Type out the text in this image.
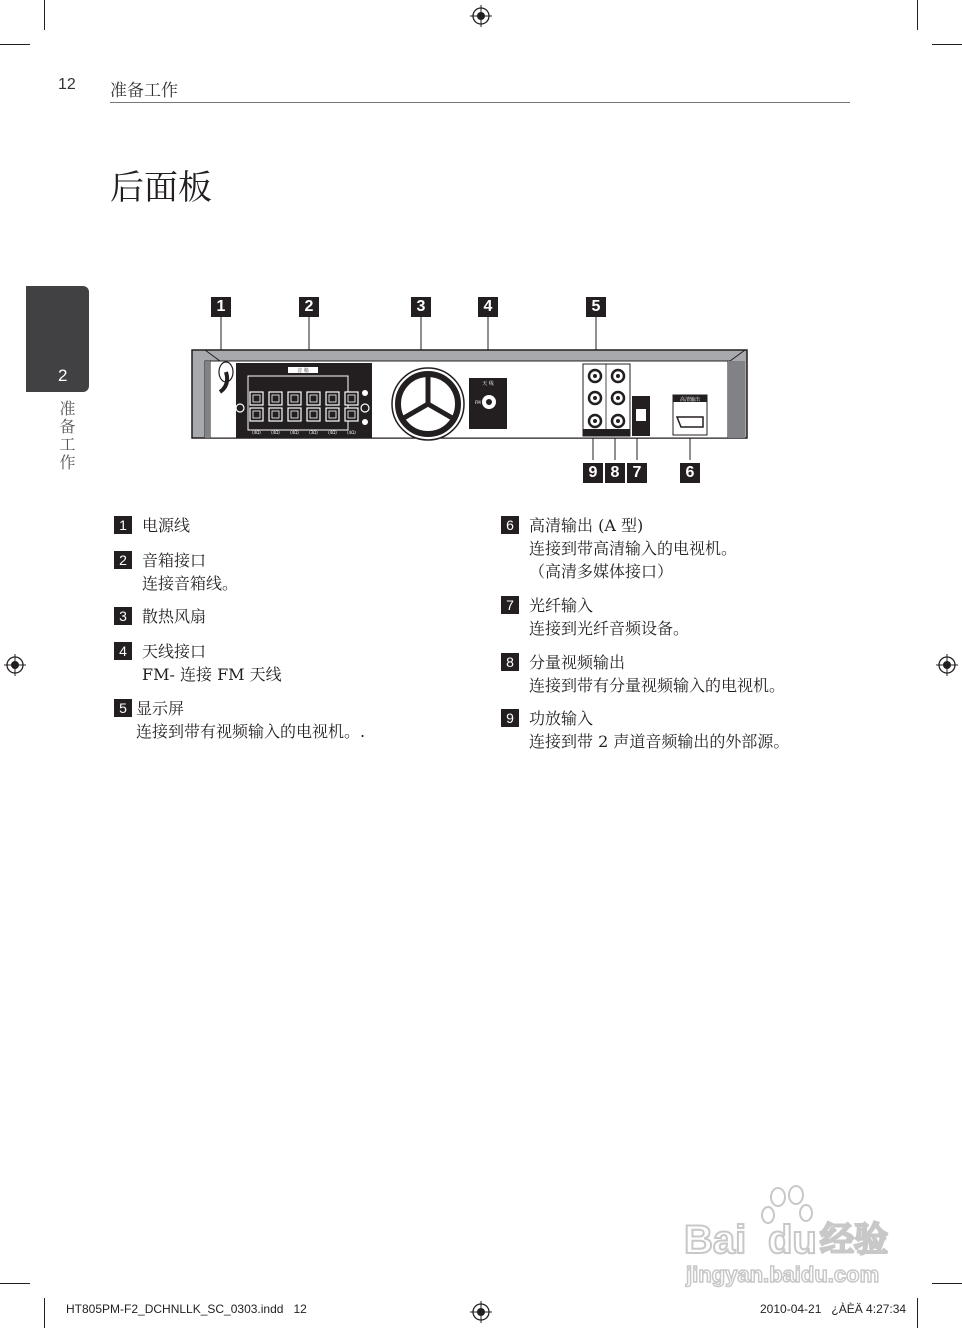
12 准备工作
后面板
2
准备工作
1	2	3	4	5
9 8 7	6
音 箱
(4Ω)	(4Ω)	(4Ω)	(3Ω)	(4Ω)	(4Ω)
天 线
FM	高清输出
1 电源线
2 音箱接口
连接音箱线。
3 散热风扇
4 天线接口
FM- 连接 FM 天线
5 显示屏
连接到带有视频输入的电视机。.
6 高清输出 (A 型)
连接到带高清输入的电视机。
（高清多媒体接口）
7 光纤输入
连接到光纤音频设备。
8 分量视频输出
连接到带有分量视频输入的电视机。
9 功放输入
连接到带 2 声道音频输出的外部源。
Bai du 经验
jingyan.baidu.com
HT805PM-F2_DCHNLLK_SC_0303.indd   12	2010-04-21   ¿ÀÈÄ 4:27:34
